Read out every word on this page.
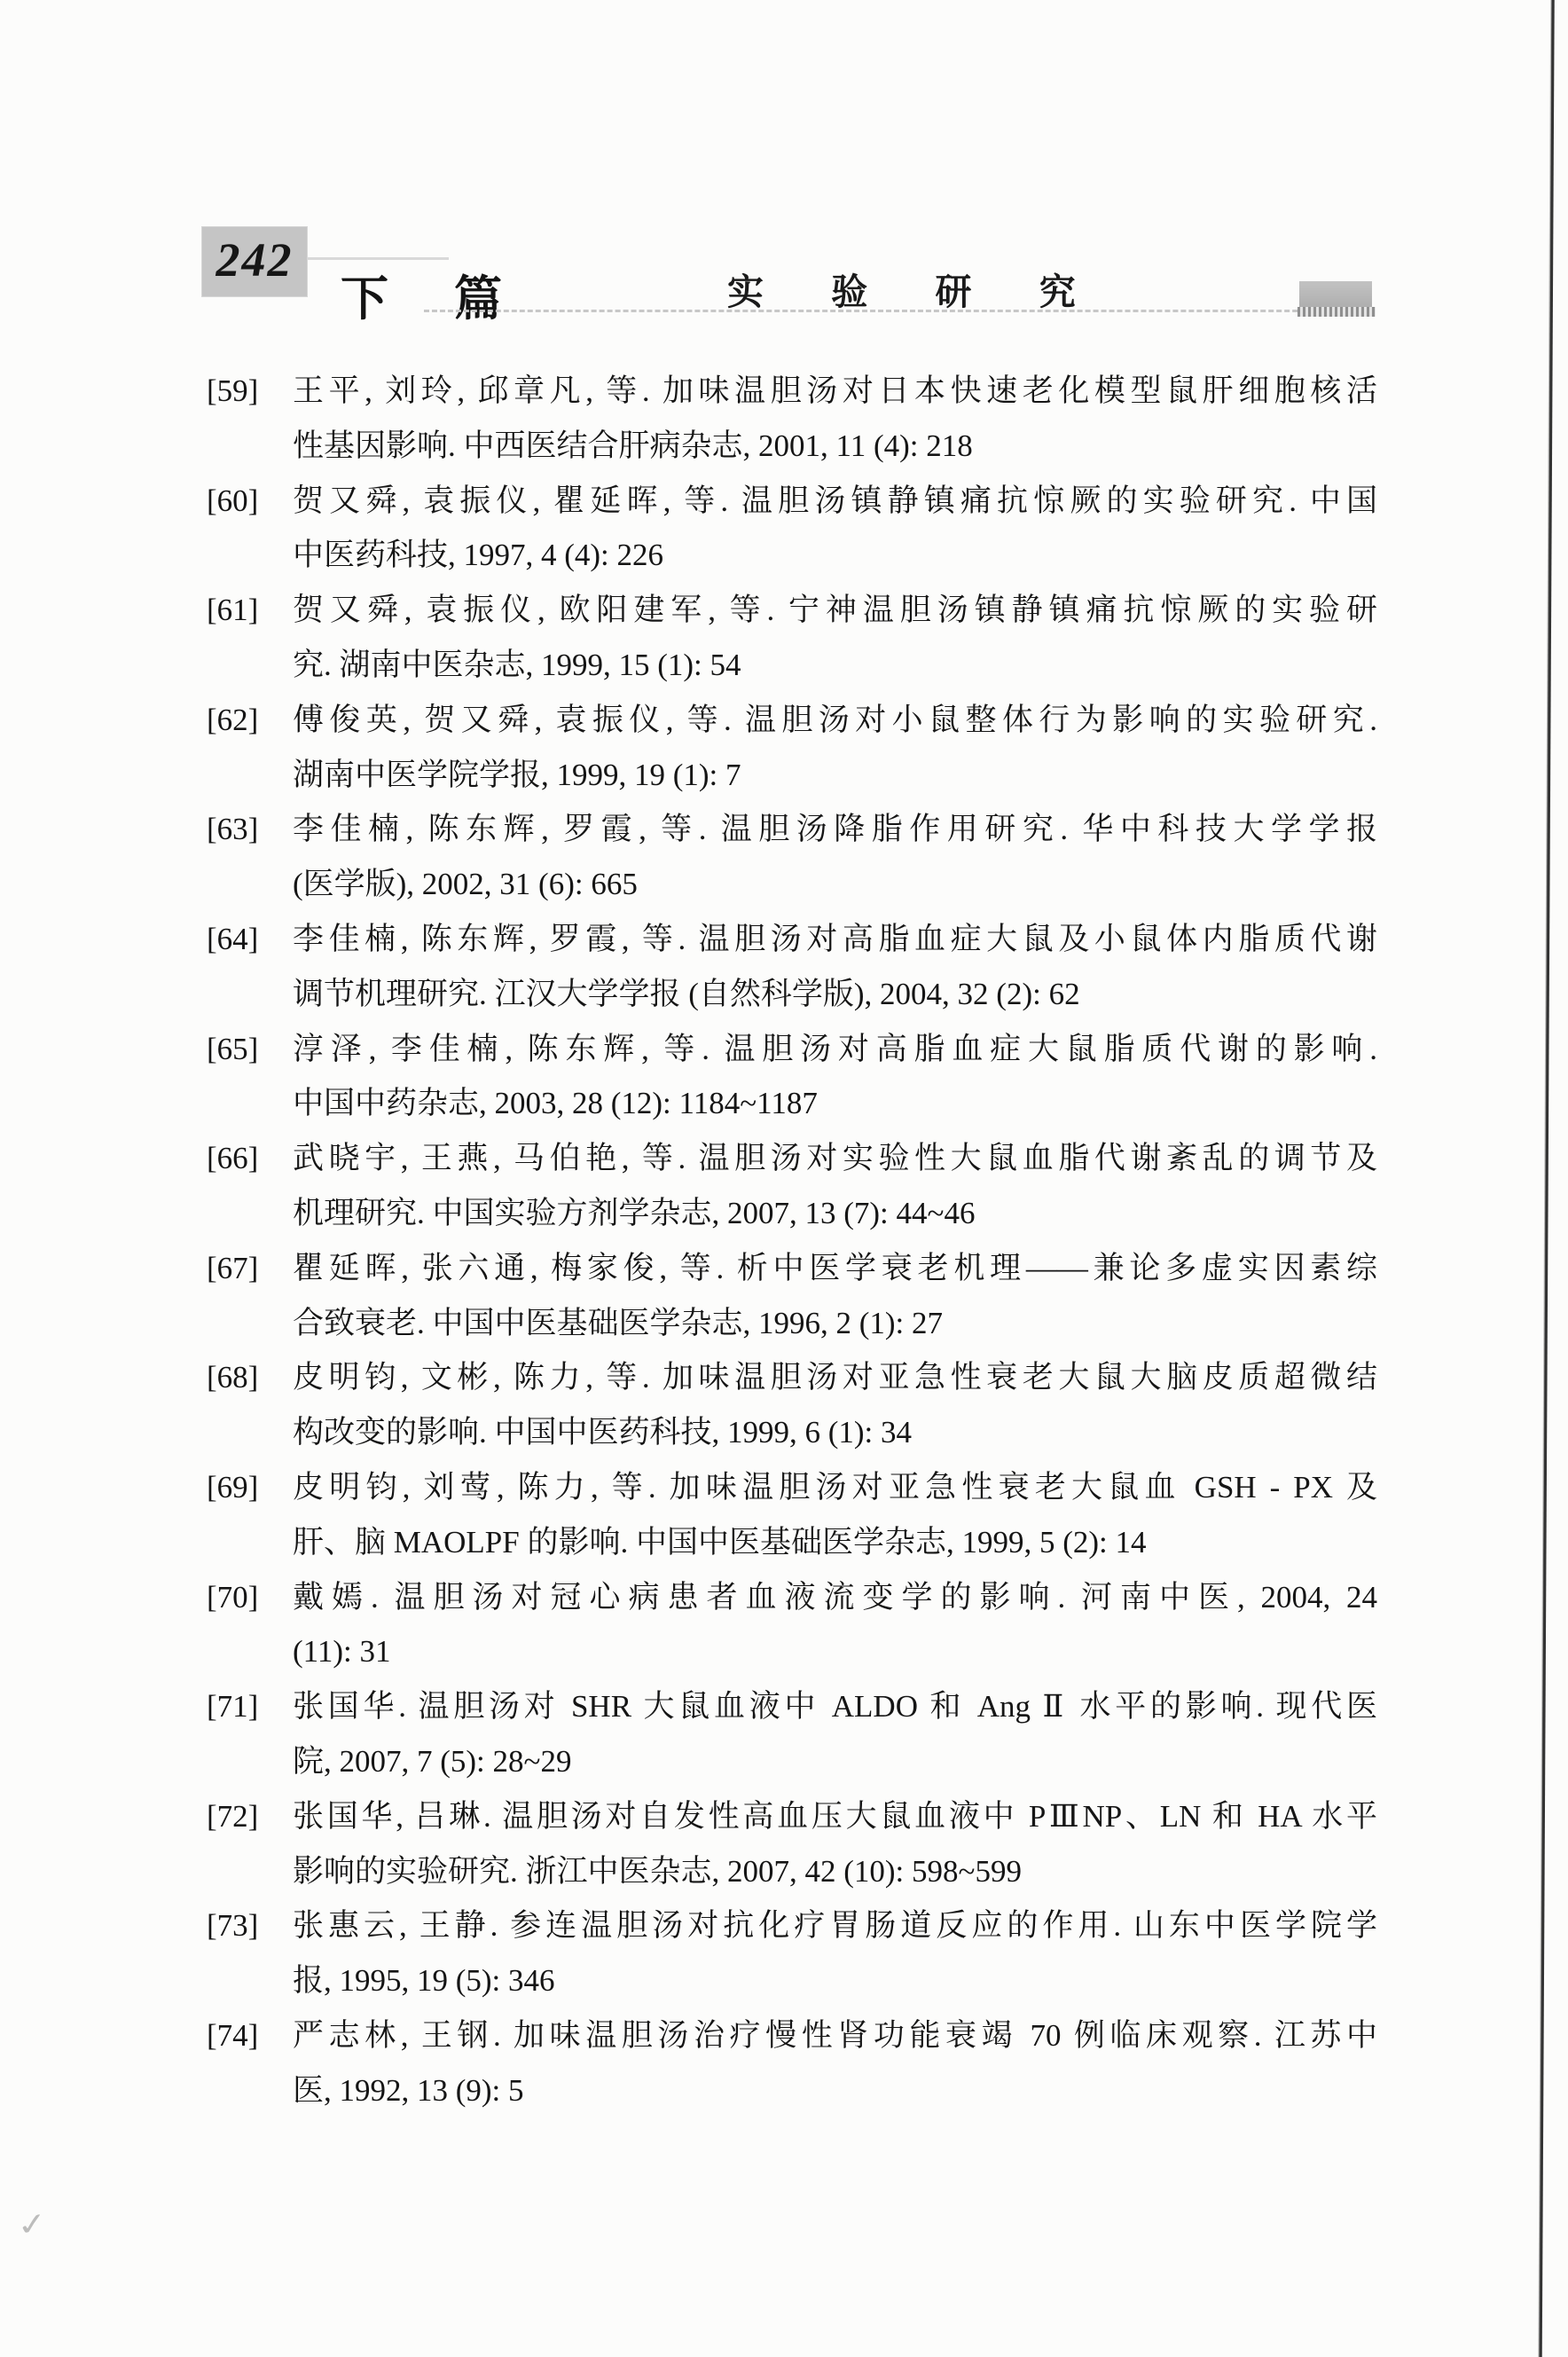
242
下篇	实 验 研 究
[59]	王平, 刘玲, 邱章凡, 等. 加味温胆汤对日本快速老化模型鼠肝细胞核活
性基因影响. 中西医结合肝病杂志, 2001, 11 (4): 218
[60]	贺又舜, 袁振仪, 瞿延晖, 等. 温胆汤镇静镇痛抗惊厥的实验研究. 中国
中医药科技, 1997, 4 (4): 226
[61]	贺又舜, 袁振仪, 欧阳建军, 等. 宁神温胆汤镇静镇痛抗惊厥的实验研
究. 湖南中医杂志, 1999, 15 (1): 54
[62]	傅俊英, 贺又舜, 袁振仪, 等. 温胆汤对小鼠整体行为影响的实验研究.
湖南中医学院学报, 1999, 19 (1): 7
[63]	李佳楠, 陈东辉, 罗霞, 等. 温胆汤降脂作用研究. 华中科技大学学报
(医学版), 2002, 31 (6): 665
[64]	李佳楠, 陈东辉, 罗霞, 等. 温胆汤对高脂血症大鼠及小鼠体内脂质代谢
调节机理研究. 江汉大学学报 (自然科学版), 2004, 32 (2): 62
[65]	淳泽, 李佳楠, 陈东辉, 等. 温胆汤对高脂血症大鼠脂质代谢的影响.
中国中药杂志, 2003, 28 (12): 1184~1187
[66]	武晓宇, 王燕, 马伯艳, 等. 温胆汤对实验性大鼠血脂代谢紊乱的调节及
机理研究. 中国实验方剂学杂志, 2007, 13 (7): 44~46
[67]	瞿延晖, 张六通, 梅家俊, 等. 析中医学衰老机理——兼论多虚实因素综
合致衰老. 中国中医基础医学杂志, 1996, 2 (1): 27
[68]	皮明钧, 文彬, 陈力, 等. 加味温胆汤对亚急性衰老大鼠大脑皮质超微结
构改变的影响. 中国中医药科技, 1999, 6 (1): 34
[69]	皮明钧, 刘莺, 陈力, 等. 加味温胆汤对亚急性衰老大鼠血 GSH - PX 及
肝、脑 MAOLPF 的影响. 中国中医基础医学杂志, 1999, 5 (2): 14
[70]	戴嫣. 温胆汤对冠心病患者血液流变学的影响. 河南中医, 2004, 24
(11): 31
[71]	张国华. 温胆汤对 SHR 大鼠血液中 ALDO 和 Ang Ⅱ 水平的影响. 现代医
院, 2007, 7 (5): 28~29
[72]	张国华, 吕琳. 温胆汤对自发性高血压大鼠血液中 PⅢNP、LN 和 HA 水平
影响的实验研究. 浙江中医杂志, 2007, 42 (10): 598~599
[73]	张惠云, 王静. 参连温胆汤对抗化疗胃肠道反应的作用. 山东中医学院学
报, 1995, 19 (5): 346
[74]	严志林, 王钢. 加味温胆汤治疗慢性肾功能衰竭 70 例临床观察. 江苏中
医, 1992, 13 (9): 5
✓
